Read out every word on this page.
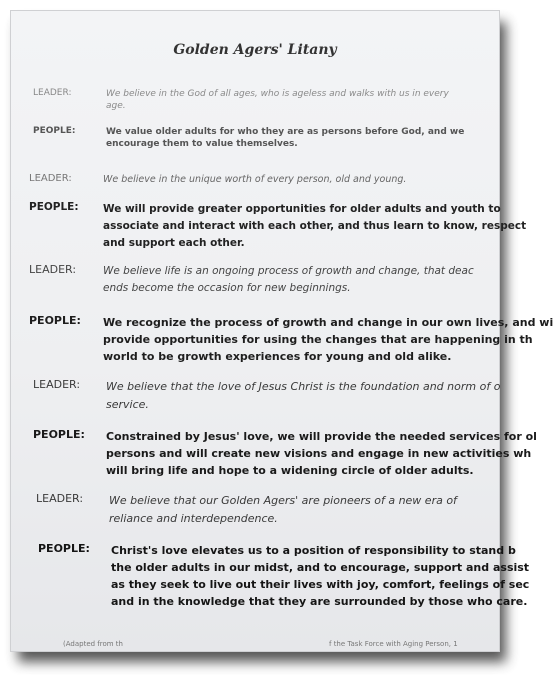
Golden Agers' Litany
LEADER:	We believe in the God of all ages, who is ageless and walks with us in every
age.
PEOPLE:	We value older adults for who they are as persons before God, and we
encourage them to value themselves.
LEADER:	We believe in the unique worth of every person, old and young.
PEOPLE: We will provide greater opportunities for older adults and youth to
associate and interact with each other, and thus learn to know, respect
and support each other.
LEADER:	We believe life is an ongoing process of growth and change, that deac
ends become the occasion for new beginnings.
PEOPLE: We recognize the process of growth and change in our own lives, and wi
provide opportunities for using the changes that are happening in th
world to be growth experiences for young and old alike.
LEADER: We believe that the love of Jesus Christ is the foundation and norm of o
service.
PEOPLE: Constrained by Jesus' love, we will provide the needed services for ol
persons and will create new visions and engage in new activities wh
will bring life and hope to a widening circle of older adults.
LEADER: We believe that our Golden Agers' are pioneers of a new era of
reliance and interdependence.
PEOPLE: Christ's love elevates us to a position of responsibility to stand b
the older adults in our midst, and to encourage, support and assist
as they seek to live out their lives with joy, comfort, feelings of sec
and in the knowledge that they are surrounded by those who care.
(Adapted from th	f the Task Force with Aging Person, 1
